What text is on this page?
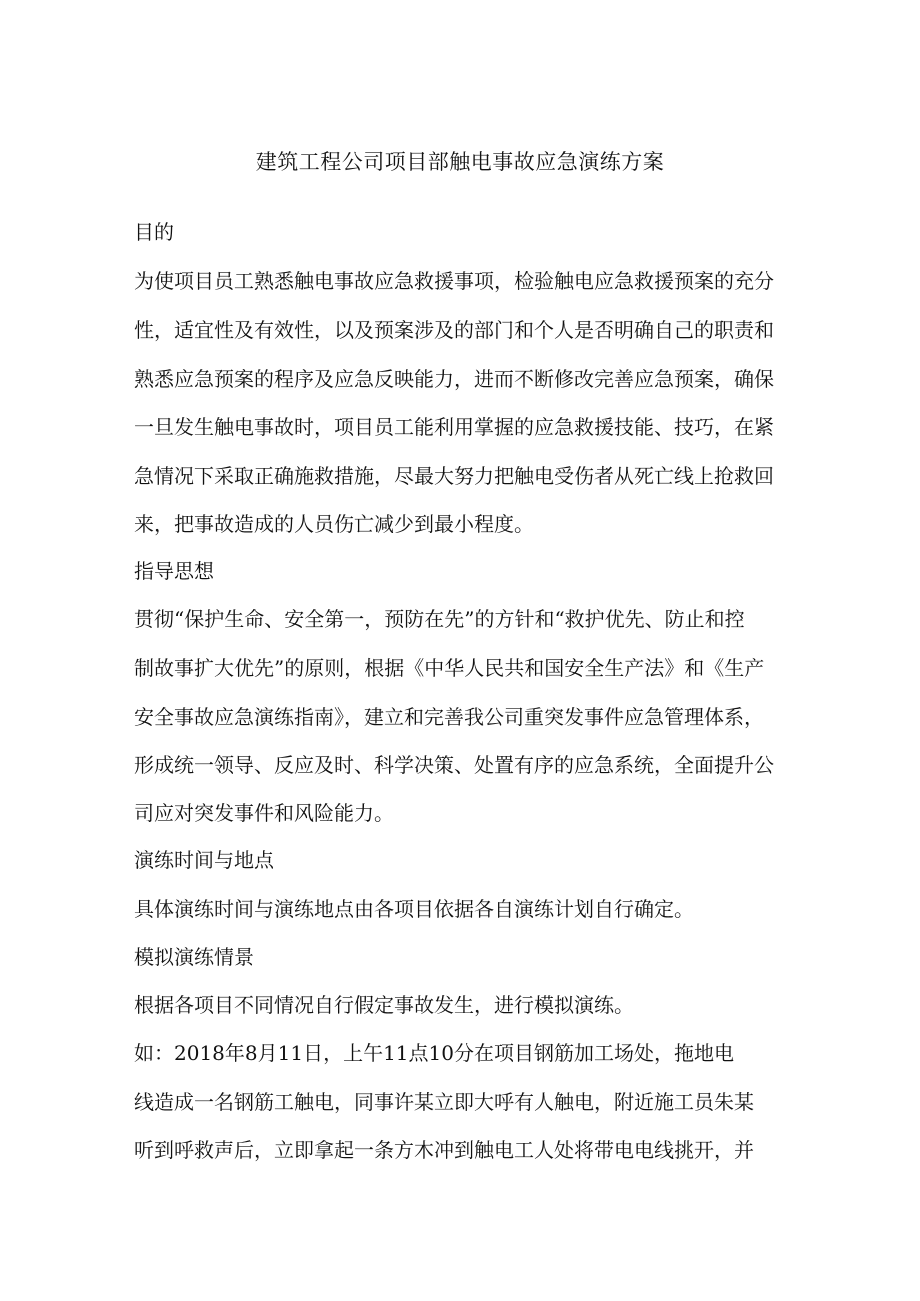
建筑工程公司项目部触电事故应急演练方案
目的
为使项目员工熟悉触电事故应急救援事项，检验触电应急救援预案的充分
性，适宜性及有效性，以及预案涉及的部门和个人是否明确自己的职责和
熟悉应急预案的程序及应急反映能力，进而不断修改完善应急预案，确保
一旦发生触电事故时，项目员工能利用掌握的应急救援技能、技巧，在紧
急情况下采取正确施救措施，尽最大努力把触电受伤者从死亡线上抢救回
来，把事故造成的人员伤亡减少到最小程度。
指导思想
贯彻“保护生命、安全第一，预防在先”的方针和“救护优先、防止和控
制故事扩大优先”的原则，根据《中华人民共和国安全生产法》和《生产
安全事故应急演练指南》，建立和完善我公司重突发事件应急管理体系，
形成统一领导、反应及时、科学决策、处置有序的应急系统，全面提升公
司应对突发事件和风险能力。
演练时间与地点
具体演练时间与演练地点由各项目依据各自演练计划自行确定。
模拟演练情景
根据各项目不同情况自行假定事故发生，进行模拟演练。
如：2018年8月11日，上午11点10分在项目钢筋加工场处，拖地电
线造成一名钢筋工触电，同事许某立即大呼有人触电，附近施工员朱某
听到呼救声后，立即拿起一条方木冲到触电工人处将带电电线挑开，并
